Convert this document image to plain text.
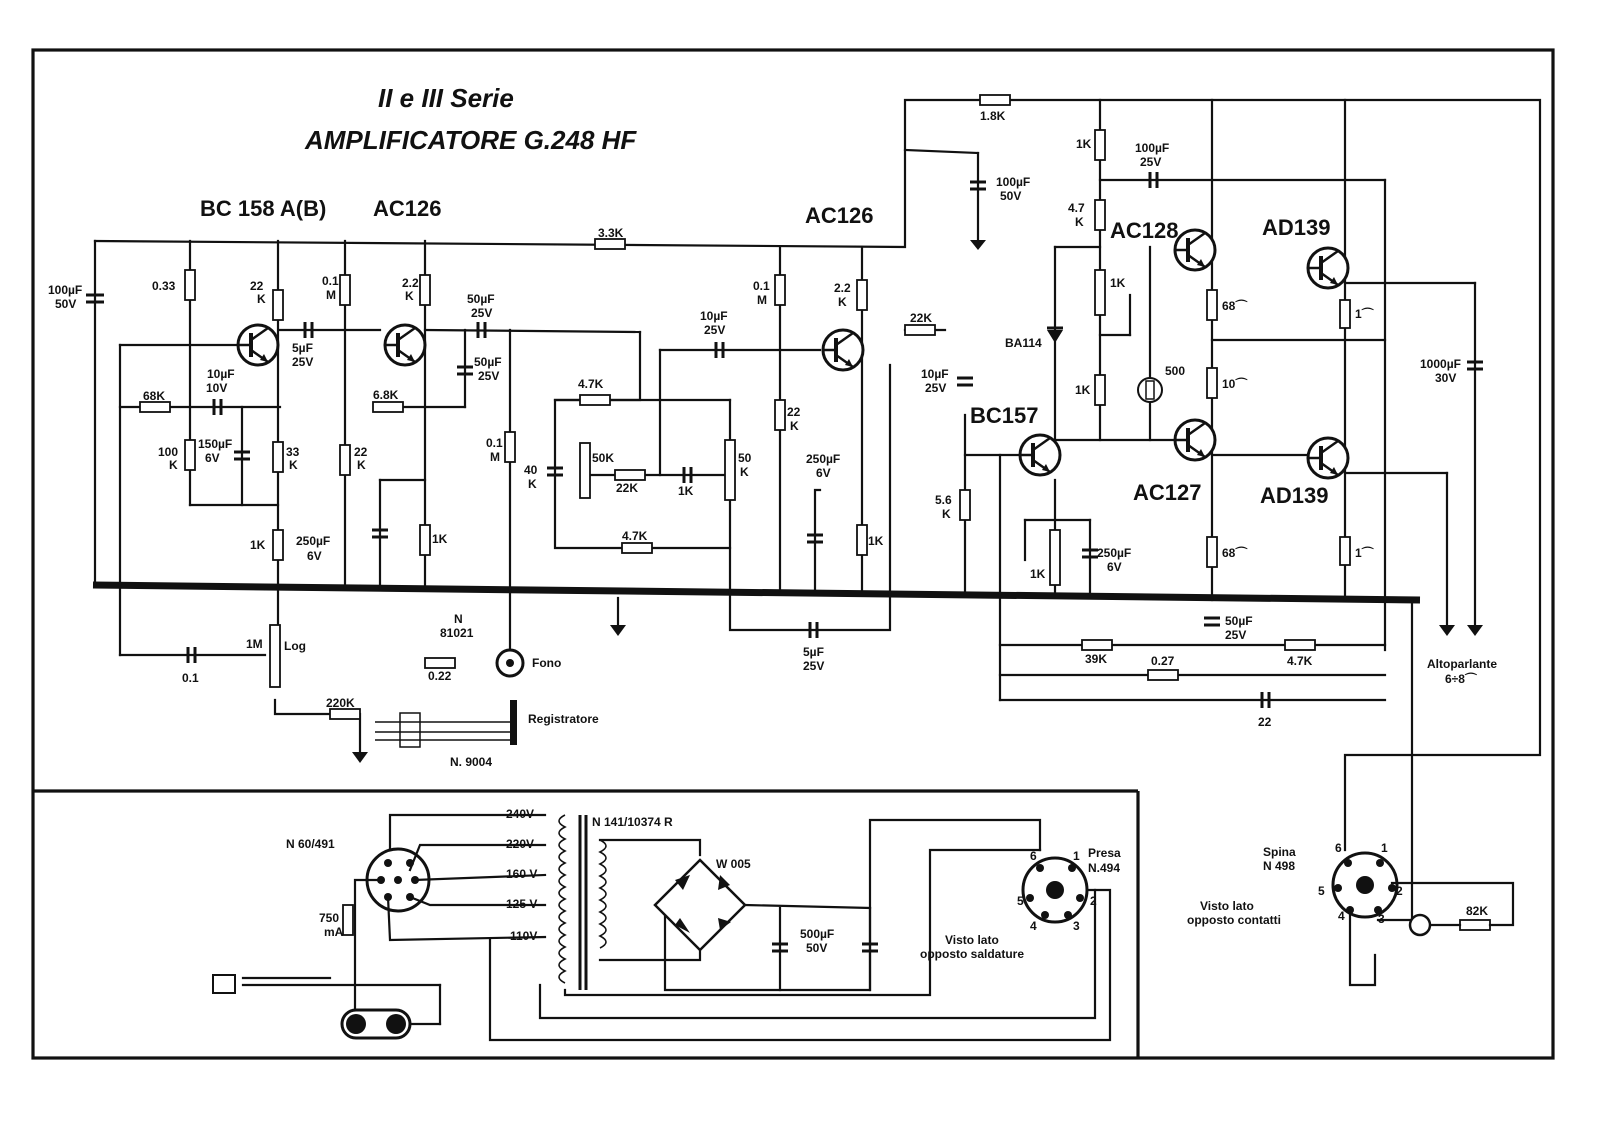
II e III Serie
AMPLIFICATORE G.248 HF
BC 158 A(B) AC126	AC126
AC128	AD139
BC157
AC127	AD139
100µF
50V
0.33	22
K
0.1
M
2.2
K
5µF
25V
50µF
25V
50µF
25V
68K
10µF
10V	6.8K
100
K
150µF
6V	33
K
22
K
1K	250µF
6V
1K
0.1
M
3.3K
4.7K
10µF
25V
40
K
50K
22K	1K
50
K
4.7K
0.1
M
22
K
2.2
K
250µF
6V
1K
5µF
25V
22K
10µF
25V
5.6
K
1.8K
100µF
50V
1K	100µF
25V
4.7
K
1K
BA114
500
1K
68⌒
10⌒
1⌒
68⌒	1⌒
1K
250µF
6V
50µF
25V
39K	0.27	4.7K
22
1000µF
30V
1M Log
0.1	0.22
N
81021
Fono
220K
Registratore
N. 9004
Altoparlante
6÷8⌒
N 60/491
240V
220V
160 V
125 V
110V
750
mA
N 141/10374 R
W 005
500µF
50V
Presa
N.494
Visto lato
opposto saldature
6	1
5	2
4	3
Spina
N 498
Visto lato
opposto contatti
6	1
5	2
4	3
82K
